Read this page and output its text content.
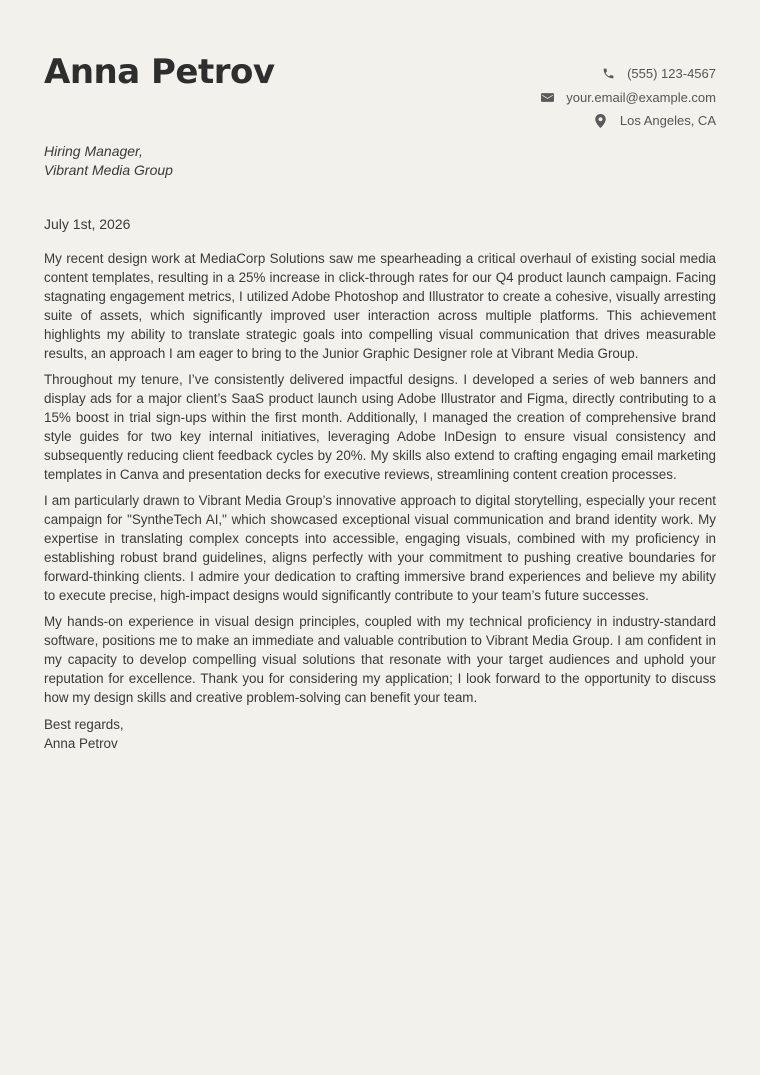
Anna Petrov	(555) 123-4567
your.email@example.com
Los Angeles, CA
Hiring Manager,
Vibrant Media Group
July 1st, 2026

My recent design work at MediaCorp Solutions saw me spearheading a critical overhaul of existing social media content templates, resulting in a 25% increase in click-through rates for our Q4 product launch campaign. Facing stagnating engagement metrics, I utilized Adobe Photoshop and Illustrator to create a cohesive, visually arresting suite of assets, which significantly improved user interaction across multiple platforms. This achievement highlights my ability to translate strategic goals into compelling visual communication that drives measurable results, an approach I am eager to bring to the Junior Graphic Designer role at Vibrant Media Group.

Throughout my tenure, I’ve consistently delivered impactful designs. I developed a series of web banners and display ads for a major client’s SaaS product launch using Adobe Illustrator and Figma, directly contributing to a 15% boost in trial sign-ups within the first month. Additionally, I managed the creation of comprehensive brand style guides for two key internal initiatives, leveraging Adobe InDesign to ensure visual consistency and subsequently reducing client feedback cycles by 20%. My skills also extend to crafting engaging email marketing templates in Canva and presentation decks for executive reviews, streamlining content creation processes.

I am particularly drawn to Vibrant Media Group’s innovative approach to digital storytelling, especially your recent campaign for "SyntheTech AI," which showcased exceptional visual communication and brand identity work. My expertise in translating complex concepts into accessible, engaging visuals, combined with my proficiency in establishing robust brand guidelines, aligns perfectly with your commitment to pushing creative boundaries for forward-thinking clients. I admire your dedication to crafting immersive brand experiences and believe my ability to execute precise, high-impact designs would significantly contribute to your team’s future successes.

My hands-on experience in visual design principles, coupled with my technical proficiency in industry-standard software, positions me to make an immediate and valuable contribution to Vibrant Media Group. I am confident in my capacity to develop compelling visual solutions that resonate with your target audiences and uphold your reputation for excellence. Thank you for considering my application; I look forward to the opportunity to discuss how my design skills and creative problem-solving can benefit your team.

Best regards,
Anna Petrov
